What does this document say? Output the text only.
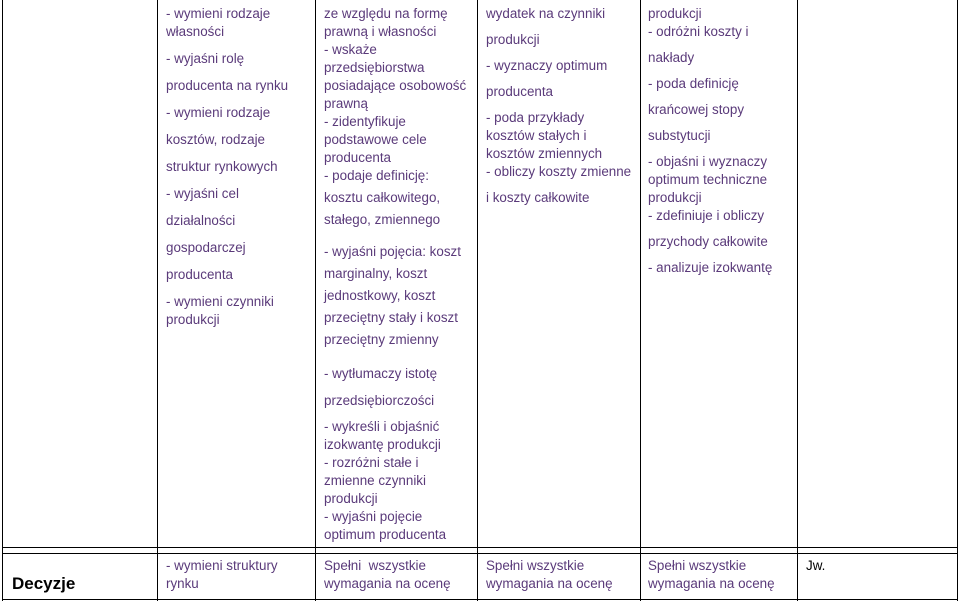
- wymieni rodzaje

własności

- wyjaśni rolę

producenta na rynku

- wymieni rodzaje

kosztów, rodzaje

struktur rynkowych

- wyjaśni cel

działalności

gospodarczej

producenta

- wymieni czynniki

produkcji

ze względu na formę

prawną i własności

- wskaże

przedsiębiorstwa

posiadające osobowość

prawną

- zidentyfikuje

podstawowe cele

producenta

- podaje definicję:

kosztu całkowitego,

stałego, zmiennego

- wyjaśni pojęcia: koszt

marginalny, koszt

jednostkowy, koszt

przeciętny stały i koszt

przeciętny zmienny

- wytłumaczy istotę

przedsiębiorczości

- wykreśli i objaśnić

izokwantę produkcji

- rozróżni stałe i

zmienne czynniki

produkcji

- wyjaśni pojęcie

optimum producenta

wydatek na czynniki

produkcji

- wyznaczy optimum

producenta

- poda przykłady

kosztów stałych i

kosztów zmiennych

- obliczy koszty zmienne

i koszty całkowite

produkcji

- odróżni koszty i

nakłady

- poda definicję

krańcowej stopy

substytucji

- objaśni i wyznaczy

optimum techniczne

produkcji

- zdefiniuje i obliczy

przychody całkowite

- analizuje izokwantę

Decyzje

- wymieni struktury

rynku

Spełni  wszystkie

wymagania na ocenę

Spełni wszystkie

wymagania na ocenę

Spełni wszystkie

wymagania na ocenę

Jw.
